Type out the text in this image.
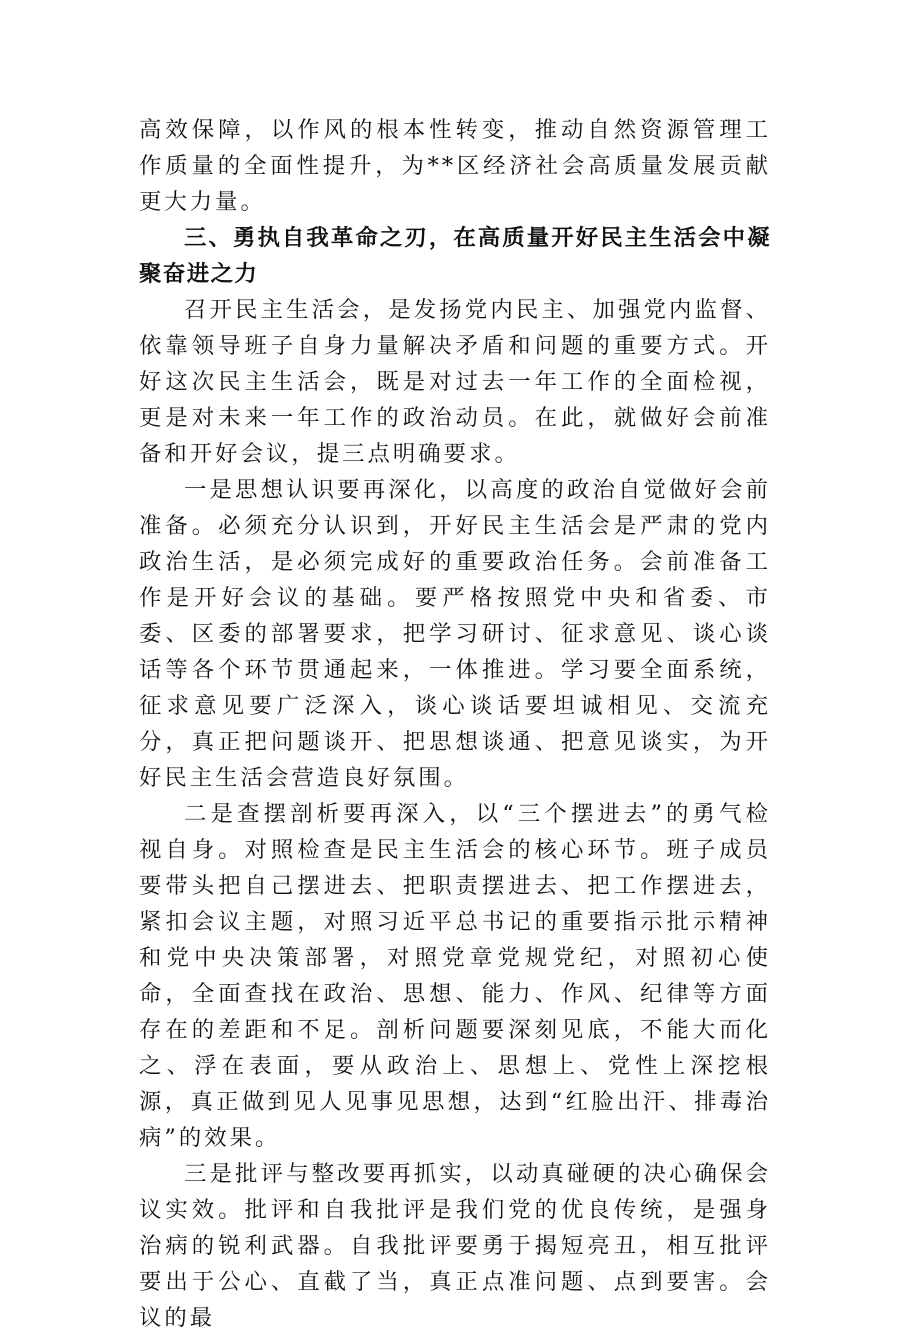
高效保障，以作风的根本性转变，推动自然资源管理工作质量的全面性提升，为**区经济社会高质量发展贡献更大力量。

三、勇执自我革命之刃，在高质量开好民主生活会中凝聚奋进之力

召开民主生活会，是发扬党内民主、加强党内监督、依靠领导班子自身力量解决矛盾和问题的重要方式。开好这次民主生活会，既是对过去一年工作的全面检视，更是对未来一年工作的政治动员。在此，就做好会前准备和开好会议，提三点明确要求。

一是思想认识要再深化，以高度的政治自觉做好会前准备。必须充分认识到，开好民主生活会是严肃的党内政治生活，是必须完成好的重要政治任务。会前准备工作是开好会议的基础。要严格按照党中央和省委、市委、区委的部署要求，把学习研讨、征求意见、谈心谈话等各个环节贯通起来，一体推进。学习要全面系统，征求意见要广泛深入，谈心谈话要坦诚相见、交流充分，真正把问题谈开、把思想谈通、把意见谈实，为开好民主生活会营造良好氛围。

二是查摆剖析要再深入，以“三个摆进去”的勇气检视自身。对照检查是民主生活会的核心环节。班子成员要带头把自己摆进去、把职责摆进去、把工作摆进去，紧扣会议主题，对照习近平总书记的重要指示批示精神和党中央决策部署，对照党章党规党纪，对照初心使命，全面查找在政治、思想、能力、作风、纪律等方面存在的差距和不足。剖析问题要深刻见底，不能大而化之、浮在表面，要从政治上、思想上、党性上深挖根源，真正做到见人见事见思想，达到“红脸出汗、排毒治病”的效果。

三是批评与整改要再抓实，以动真碰硬的决心确保会议实效。批评和自我批评是我们党的优良传统，是强身治病的锐利武器。自我批评要勇于揭短亮丑，相互批评要出于公心、直截了当，真正点准问题、点到要害。会议的最
